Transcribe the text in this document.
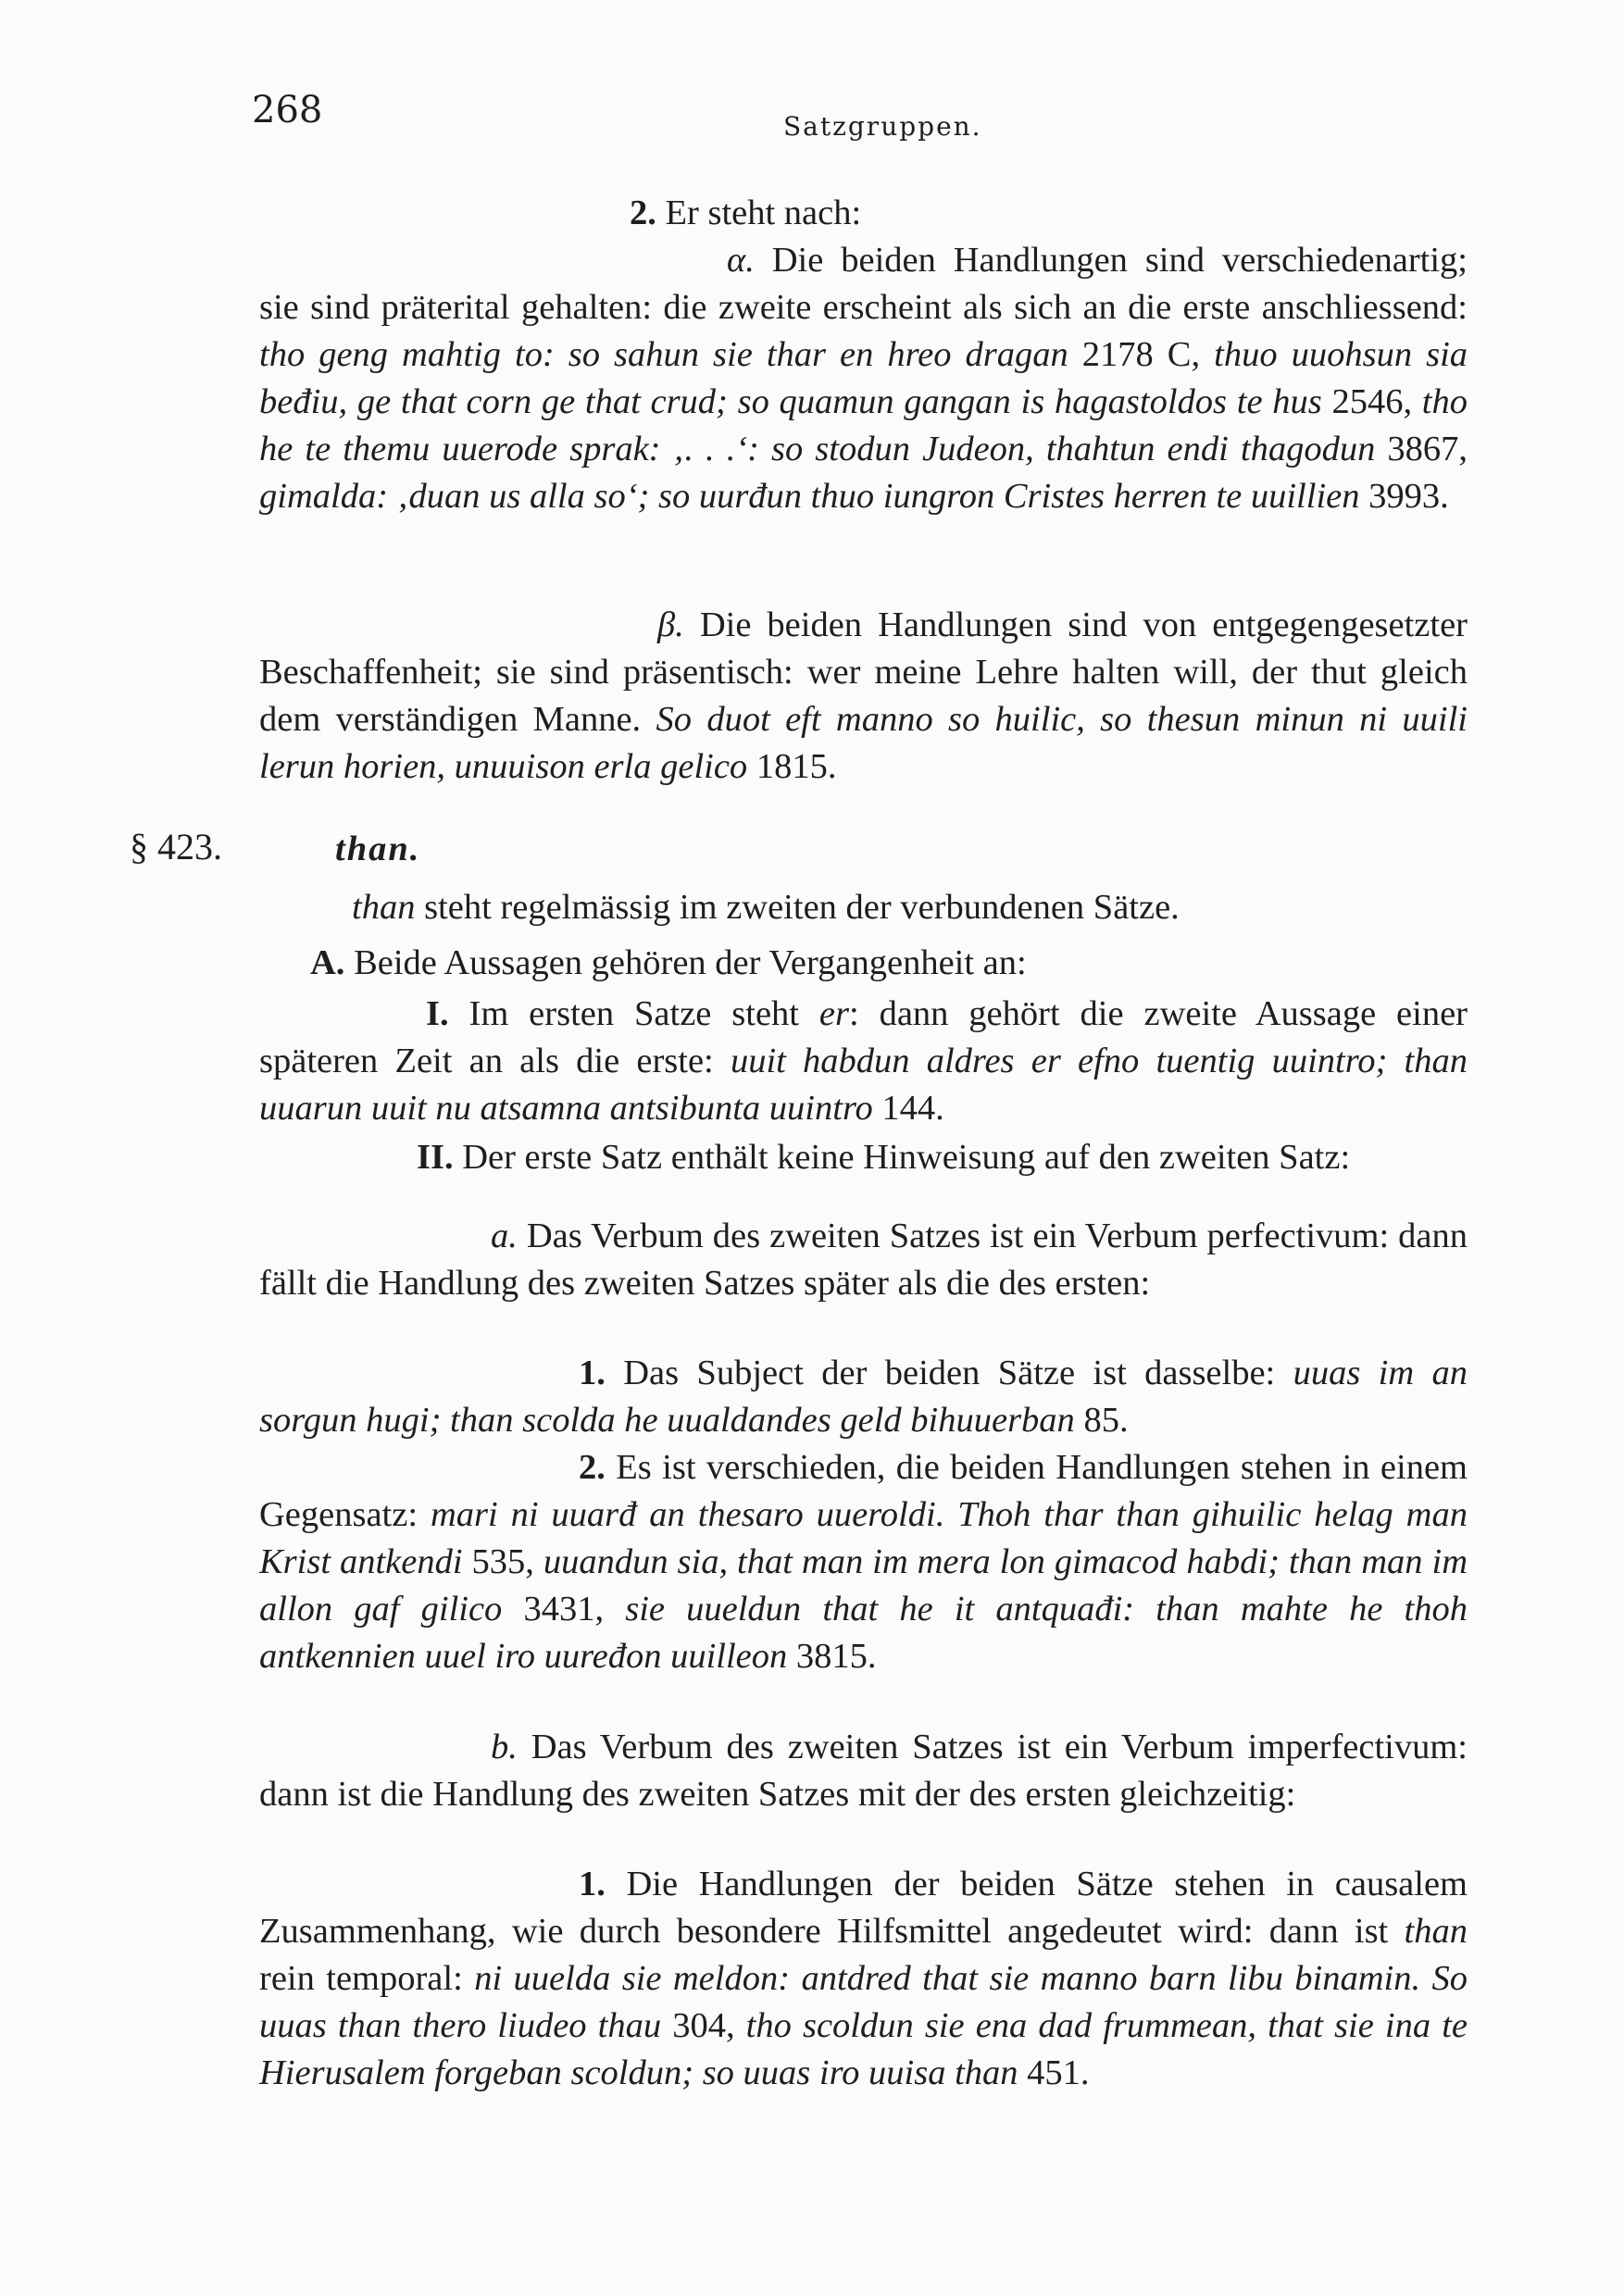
268	Satzgruppen.

2. Er steht nach:

α. Die beiden Handlungen sind verschiedenartig; sie sind präterital gehalten: die zweite erscheint als sich an die erste anschliessend: tho geng mahtig to: so sahun sie thar en hreo dragan 2178 C, thuo uuohsun sia beđiu, ge that corn ge that crud; so quamun gangan is hagastoldos te hus 2546, tho he te themu uuerode sprak: ‚. . .‘: so stodun Judeon, thahtun endi thagodun 3867, gimalda: ‚duan us alla so‘; so uurđun thuo iungron Cristes herren te uuillien 3993.

β. Die beiden Handlungen sind von entgegengesetzter Beschaffenheit; sie sind präsentisch: wer meine Lehre halten will, der thut gleich dem verständigen Manne. So duot eft manno so huilic, so thesun minun ni uuili lerun horien, unuuison erla gelico 1815.

§ 423.	than.

than steht regelmässig im zweiten der verbundenen Sätze.

A. Beide Aussagen gehören der Vergangenheit an:

I. Im ersten Satze steht er: dann gehört die zweite Aussage einer späteren Zeit an als die erste: uuit habdun aldres er efno tuentig uuintro; than uuarun uuit nu atsamna antsibunta uuintro 144.

II. Der erste Satz enthält keine Hinweisung auf den zweiten Satz:

a. Das Verbum des zweiten Satzes ist ein Verbum perfectivum: dann fällt die Handlung des zweiten Satzes später als die des ersten:

1. Das Subject der beiden Sätze ist dasselbe: uuas im an sorgun hugi; than scolda he uualdandes geld bihuuerban 85.

2. Es ist verschieden, die beiden Handlungen stehen in einem Gegensatz: mari ni uuarđ an thesaro uueroldi. Thoh thar than gihuilic helag man Krist antkendi 535, uuandun sia, that man im mera lon gimacod habdi; than man im allon gaf gilico 3431, sie uueldun that he it antquađi: than mahte he thoh antkennien uuel iro uuređon uuilleon 3815.

b. Das Verbum des zweiten Satzes ist ein Verbum imperfectivum: dann ist die Handlung des zweiten Satzes mit der des ersten gleichzeitig:

1. Die Handlungen der beiden Sätze stehen in causalem Zusammenhang, wie durch besondere Hilfsmittel angedeutet wird: dann ist than rein temporal: ni uuelda sie meldon: antdred that sie manno barn libu binamin. So uuas than thero liudeo thau 304, tho scoldun sie ena dad frummean, that sie ina te Hierusalem forgeban scoldun; so uuas iro uuisa than 451.
